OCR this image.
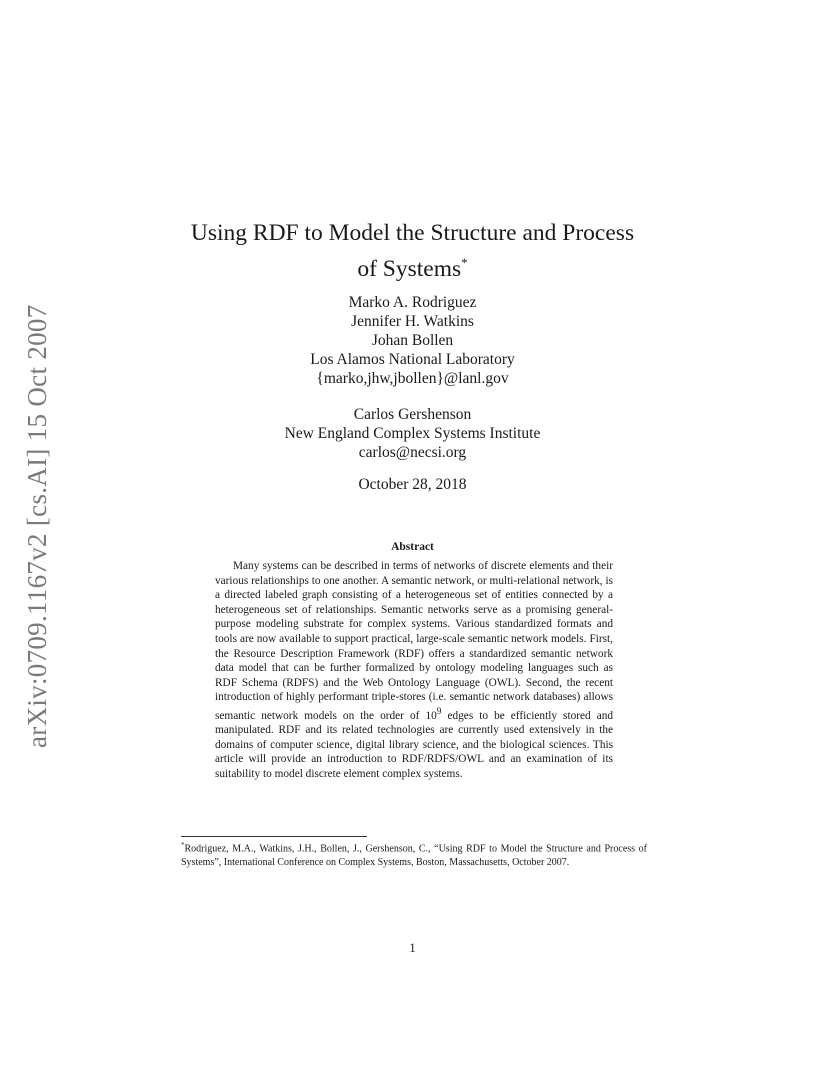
arXiv:0709.1167v2 [cs.AI] 15 Oct 2007
Using RDF to Model the Structure and Process
of Systems*
Marko A. Rodriguez
Jennifer H. Watkins
Johan Bollen
Los Alamos National Laboratory
{marko,jhw,jbollen}@lanl.gov
Carlos Gershenson
New England Complex Systems Institute
carlos@necsi.org
October 28, 2018
Abstract
Many systems can be described in terms of networks of discrete elements and their various relationships to one another. A semantic network, or multi-relational network, is a directed labeled graph consisting of a heterogeneous set of entities connected by a heterogeneous set of relationships. Semantic networks serve as a promising general-purpose modeling substrate for complex systems. Various standardized formats and tools are now available to support practical, large-scale semantic network models. First, the Resource Description Framework (RDF) offers a standardized semantic network data model that can be further formalized by ontology modeling languages such as RDF Schema (RDFS) and the Web Ontology Language (OWL). Second, the recent introduction of highly performant triple-stores (i.e. semantic network databases) allows semantic network models on the order of $10^9$ edges to be efficiently stored and manipulated. RDF and its related technologies are currently used extensively in the domains of computer science, digital library science, and the biological sciences. This article will provide an introduction to RDF/RDFS/OWL and an examination of its suitability to model discrete element complex systems.
*Rodriguez, M.A., Watkins, J.H., Bollen, J., Gershenson, C., “Using RDF to Model the Structure and Process of Systems”, International Conference on Complex Systems, Boston, Massachusetts, October 2007.
1
